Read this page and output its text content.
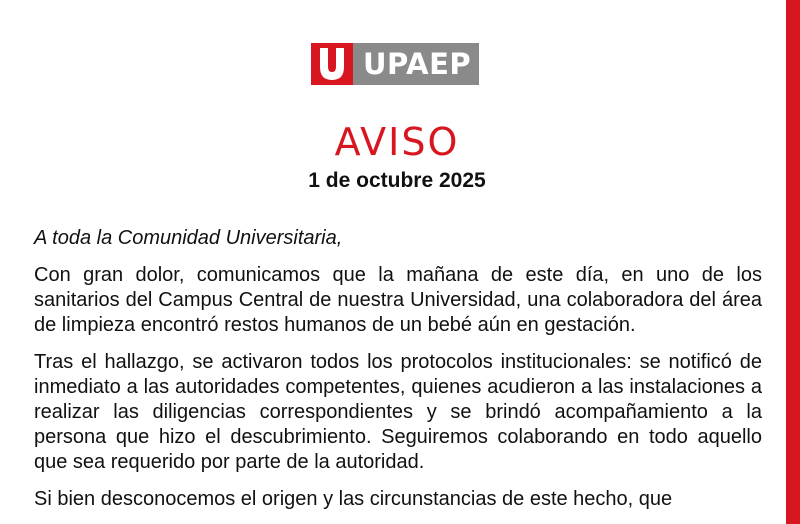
UPAEP
AVISO
1 de octubre 2025

A toda la Comunidad Universitaria,

Con gran dolor, comunicamos que la mañana de este día, en uno de los sanitarios del Campus Central de nuestra Universidad, una colaboradora del área de limpieza encontró restos humanos de un bebé aún en gestación.

Tras el hallazgo, se activaron todos los protocolos institucionales: se notificó de inmediato a las autoridades competentes, quienes acudieron a las instalaciones a realizar las diligencias correspondientes y se brindó acompañamiento a la persona que hizo el descubrimiento. Seguiremos colaborando en todo aquello que sea requerido por parte de la autoridad.

Si bien desconocemos el origen y las circunstancias de este hecho, que
